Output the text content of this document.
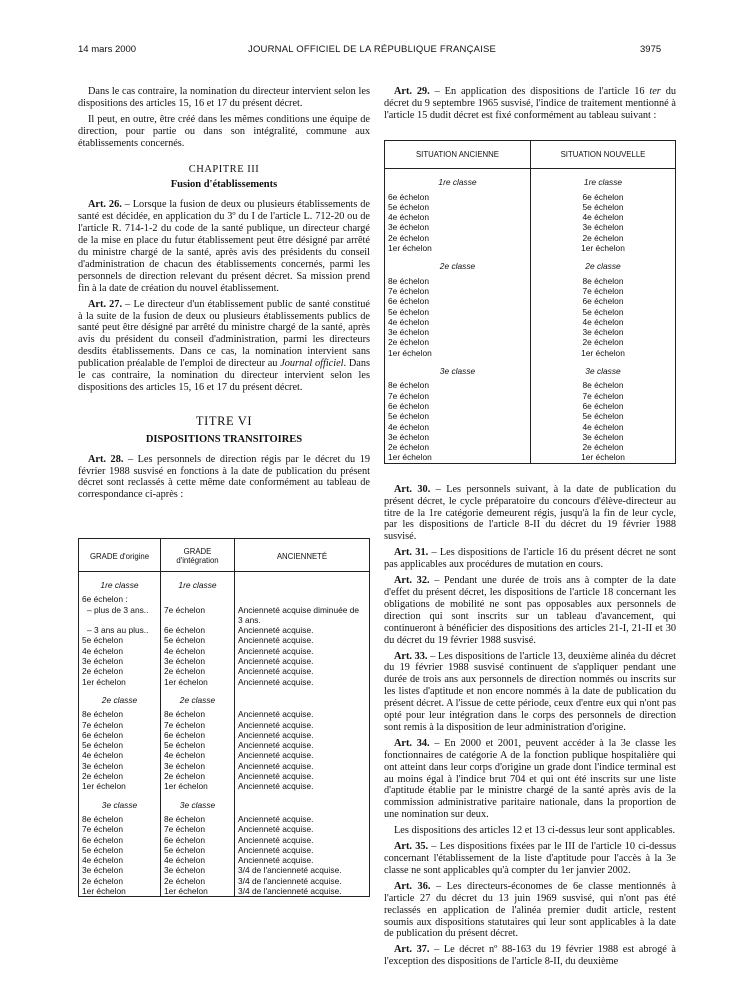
14 mars 2000	JOURNAL OFFICIEL DE LA RÉPUBLIQUE FRANÇAISE	3975

Dans le cas contraire, la nomination du directeur intervient selon les dispositions des articles 15, 16 et 17 du présent décret.

Il peut, en outre, être créé dans les mêmes conditions une équipe de direction, pour partie ou dans son intégralité, commune aux établissements concernés.

CHAPITRE III
Fusion d'établissements

Art. 26. – Lorsque la fusion de deux ou plusieurs établissements de santé est décidée, en application du 3º du I de l'article L. 712-20 ou de l'article R. 714-1-2 du code de la santé publique, un directeur chargé de la mise en place du futur établissement peut être désigné par arrêté du ministre chargé de la santé, après avis des présidents du conseil d'administration de chacun des établissements concernés, parmi les personnels de direction relevant du présent décret. Sa mission prend fin à la date de création du nouvel établissement.

Art. 27. – Le directeur d'un établissement public de santé constitué à la suite de la fusion de deux ou plusieurs établissements publics de santé peut être désigné par arrêté du ministre chargé de la santé, après avis du président du conseil d'administration, parmi les directeurs desdits établissements. Dans ce cas, la nomination intervient sans publication préalable de l'emploi de directeur au Journal officiel. Dans le cas contraire, la nomination du directeur intervient selon les dispositions des articles 15, 16 et 17 du présent décret.

TITRE VI
DISPOSITIONS TRANSITOIRES

Art. 28. – Les personnels de direction régis par le décret du 19 février 1988 susvisé en fonctions à la date de publication du présent décret sont reclassés à cette même date conformément au tableau de correspondance ci-après :

GRADE d'origine	GRADE d'intégration	ANCIENNETÉ
1re classe	1re classe	
6e échelon :		
– plus de 3 ans..	7e échelon	Ancienneté acquise diminuée de 3 ans.
– 3 ans au plus..	6e échelon	Ancienneté acquise.
5e échelon	5e échelon	Ancienneté acquise.
4e échelon	4e échelon	Ancienneté acquise.
3e échelon	3e échelon	Ancienneté acquise.
2e échelon	2e échelon	Ancienneté acquise.
1er échelon	1er échelon	Ancienneté acquise.
2e classe	2e classe	
8e échelon	8e échelon	Ancienneté acquise.
7e échelon	7e échelon	Ancienneté acquise.
6e échelon	6e échelon	Ancienneté acquise.
5e échelon	5e échelon	Ancienneté acquise.
4e échelon	4e échelon	Ancienneté acquise.
3e échelon	3e échelon	Ancienneté acquise.
2e échelon	2e échelon	Ancienneté acquise.
1er échelon	1er échelon	Ancienneté acquise.
3e classe	3e classe	
8e échelon	8e échelon	Ancienneté acquise.
7e échelon	7e échelon	Ancienneté acquise.
6e échelon	6e échelon	Ancienneté acquise.
5e échelon	5e échelon	Ancienneté acquise.
4e échelon	4e échelon	Ancienneté acquise.
3e échelon	3e échelon	3/4 de l'ancienneté acquise.
2e échelon	2e échelon	3/4 de l'ancienneté acquise.
1er échelon	1er échelon	3/4 de l'ancienneté acquise.

Art. 29. – En application des dispositions de l'article 16 ter du décret du 9 septembre 1965 susvisé, l'indice de traitement mentionné à l'article 15 dudit décret est fixé conformément au tableau suivant :

Art. 30. – Les personnels suivant, à la date de publication du présent décret, le cycle préparatoire du concours d'élève-directeur au titre de la 1re catégorie demeurent régis, jusqu'à la fin de leur cycle, par les dispositions de l'article 8-II du décret du 19 février 1988 susvisé.

Art. 31. – Les dispositions de l'article 16 du présent décret ne sont pas applicables aux procédures de mutation en cours.

Art. 32. – Pendant une durée de trois ans à compter de la date d'effet du présent décret, les dispositions de l'article 18 concernant les obligations de mobilité ne sont pas opposables aux personnels de direction qui sont inscrits sur un tableau d'avancement, qui continueront à bénéficier des dispositions des articles 21-I, 21-II et 30 du décret du 19 février 1988 susvisé.

Art. 33. – Les dispositions de l'article 13, deuxième alinéa du décret du 19 février 1988 susvisé continuent de s'appliquer pendant une durée de trois ans aux personnels de direction nommés ou inscrits sur les listes d'aptitude et non encore nommés à la date de publication du présent décret. A l'issue de cette période, ceux d'entre eux qui n'ont pas opté pour leur intégration dans le corps des personnels de direction sont remis à la disposition de leur administration d'origine.

Art. 34. – En 2000 et 2001, peuvent accéder à la 3e classe les fonctionnaires de catégorie A de la fonction publique hospitalière qui ont atteint dans leur corps d'origine un grade dont l'indice terminal est au moins égal à l'indice brut 704 et qui ont été inscrits sur une liste d'aptitude établie par le ministre chargé de la santé après avis de la commission administrative paritaire nationale, dans la proportion de une nomination sur deux.

Les dispositions des articles 12 et 13 ci-dessus leur sont applicables.

Art. 35. – Les dispositions fixées par le III de l'article 10 ci-dessus concernant l'établissement de la liste d'aptitude pour l'accès à la 3e classe ne sont applicables qu'à compter du 1er janvier 2002.

Art. 36. – Les directeurs-économes de 6e classe mentionnés à l'article 27 du décret du 13 juin 1969 susvisé, qui n'ont pas été reclassés en application de l'alinéa premier dudit article, restent soumis aux dispositions statutaires qui leur sont applicables à la date de publication du présent décret.

Art. 37. – Le décret nº 88-163 du 19 février 1988 est abrogé à l'exception des dispositions de l'article 8-II, du deuxième

SITUATION ANCIENNE	SITUATION NOUVELLE
1re classe	1re classe
6e échelon	6e échelon
5e échelon	5e échelon
4e échelon	4e échelon
3e échelon	3e échelon
2e échelon	2e échelon
1er échelon	1er échelon
2e classe	2e classe
8e échelon	8e échelon
7e échelon	7e échelon
6e échelon	6e échelon
5e échelon	5e échelon
4e échelon	4e échelon
3e échelon	3e échelon
2e échelon	2e échelon
1er échelon	1er échelon
3e classe	3e classe
8e échelon	8e échelon
7e échelon	7e échelon
6e échelon	6e échelon
5e échelon	5e échelon
4e échelon	4e échelon
3e échelon	3e échelon
2e échelon	2e échelon
1er échelon	1er échelon
